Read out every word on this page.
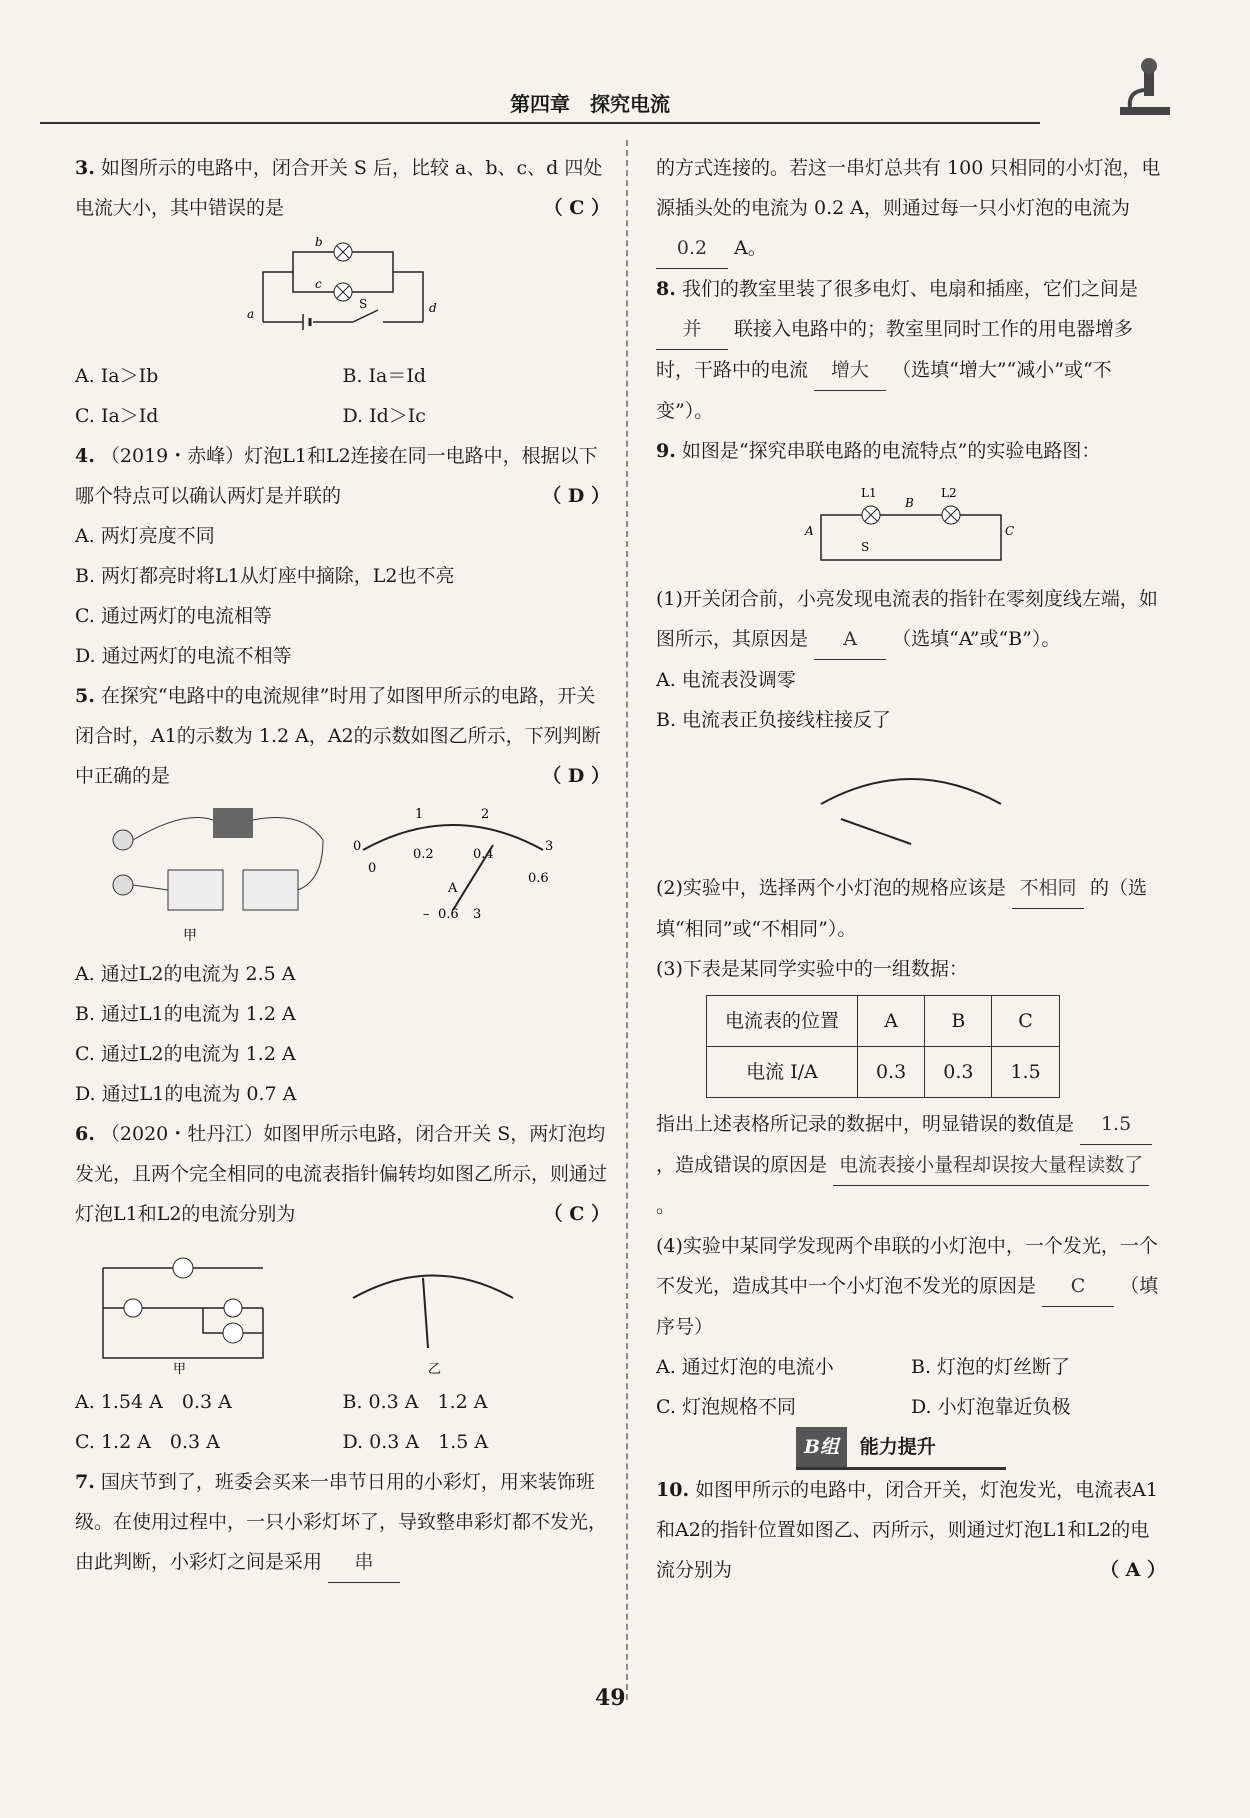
第四章　探究电流
3. 如图所示的电路中，闭合开关 S 后，比较 a、b、c、d 四处电流大小，其中错误的是	（ C ）
b
c
a	d
S
A. Ia＞Ib	B. Ia＝Id
C. Ia＞Id	D. Id＞Ic
4. （2019・赤峰）灯泡L1和L2连接在同一电路中，根据以下哪个特点可以确认两灯是并联的	（ D ）
A. 两灯亮度不同
B. 两灯都亮时将L1从灯座中摘除，L2也不亮
C. 通过两灯的电流相等
D. 通过两灯的电流不相等
5. 在探究“电路中的电流规律”时用了如图甲所示的电路，开关闭合时，A1的示数为 1.2 A，A2的示数如图乙所示，下列判断中正确的是	（ D ）
甲
0
1	2
3
0
0.2	0.4
0.6
A
– 0.6 3
A. 通过L2的电流为 2.5 A
B. 通过L1的电流为 1.2 A
C. 通过L2的电流为 1.2 A
D. 通过L1的电流为 0.7 A
6. （2020・牡丹江）如图甲所示电路，闭合开关 S，两灯泡均发光，且两个完全相同的电流表指针偏转均如图乙所示，则通过灯泡L1和L2的电流分别为	（ C ）
甲	乙
A. 1.54 A　0.3 A	B. 0.3 A　1.2 A
C. 1.2 A　0.3 A	D. 0.3 A　1.5 A
7. 国庆节到了，班委会买来一串节日用的小彩灯，用来装饰班级。在使用过程中，一只小彩灯坏了，导致整串彩灯都不发光，由此判断，小彩灯之间是采用 串
的方式连接的。若这一串灯总共有 100 只相同的小灯泡，电源插头处的电流为 0.2 A，则通过每一只小灯泡的电流为 0.2 A。
8. 我们的教室里装了很多电灯、电扇和插座，它们之间是 并 联接入电路中的；教室里同时工作的用电器增多时，干路中的电流 增大 （选填“增大”“减小”或“不变”）。
9. 如图是“探究串联电路的电流特点”的实验电路图：
L1	L2
B
A	C
S
(1)开关闭合前，小亮发现电流表的指针在零刻度线左端，如图所示，其原因是 A （选填“A”或“B”）。
A. 电流表没调零
B. 电流表正负接线柱接反了
(2)实验中，选择两个小灯泡的规格应该是 不相同 的（选填“相同”或“不相同”）。
(3)下表是某同学实验中的一组数据：
电流表的位置	A	B	C
电流 I/A	0.3	0.3	1.5
指出上述表格所记录的数据中，明显错误的数值是 1.5 ，造成错误的原因是 电流表接小量程却误按大量程读数了 。
(4)实验中某同学发现两个串联的小灯泡中，一个发光，一个不发光，造成其中一个小灯泡不发光的原因是 C （填序号）
A. 通过灯泡的电流小	B. 灯泡的灯丝断了
C. 灯泡规格不同	D. 小灯泡靠近负极
B组 能力提升
10. 如图甲所示的电路中，闭合开关，灯泡发光，电流表A1和A2的指针位置如图乙、丙所示，则通过灯泡L1和L2的电流分别为	（ A ）
49
